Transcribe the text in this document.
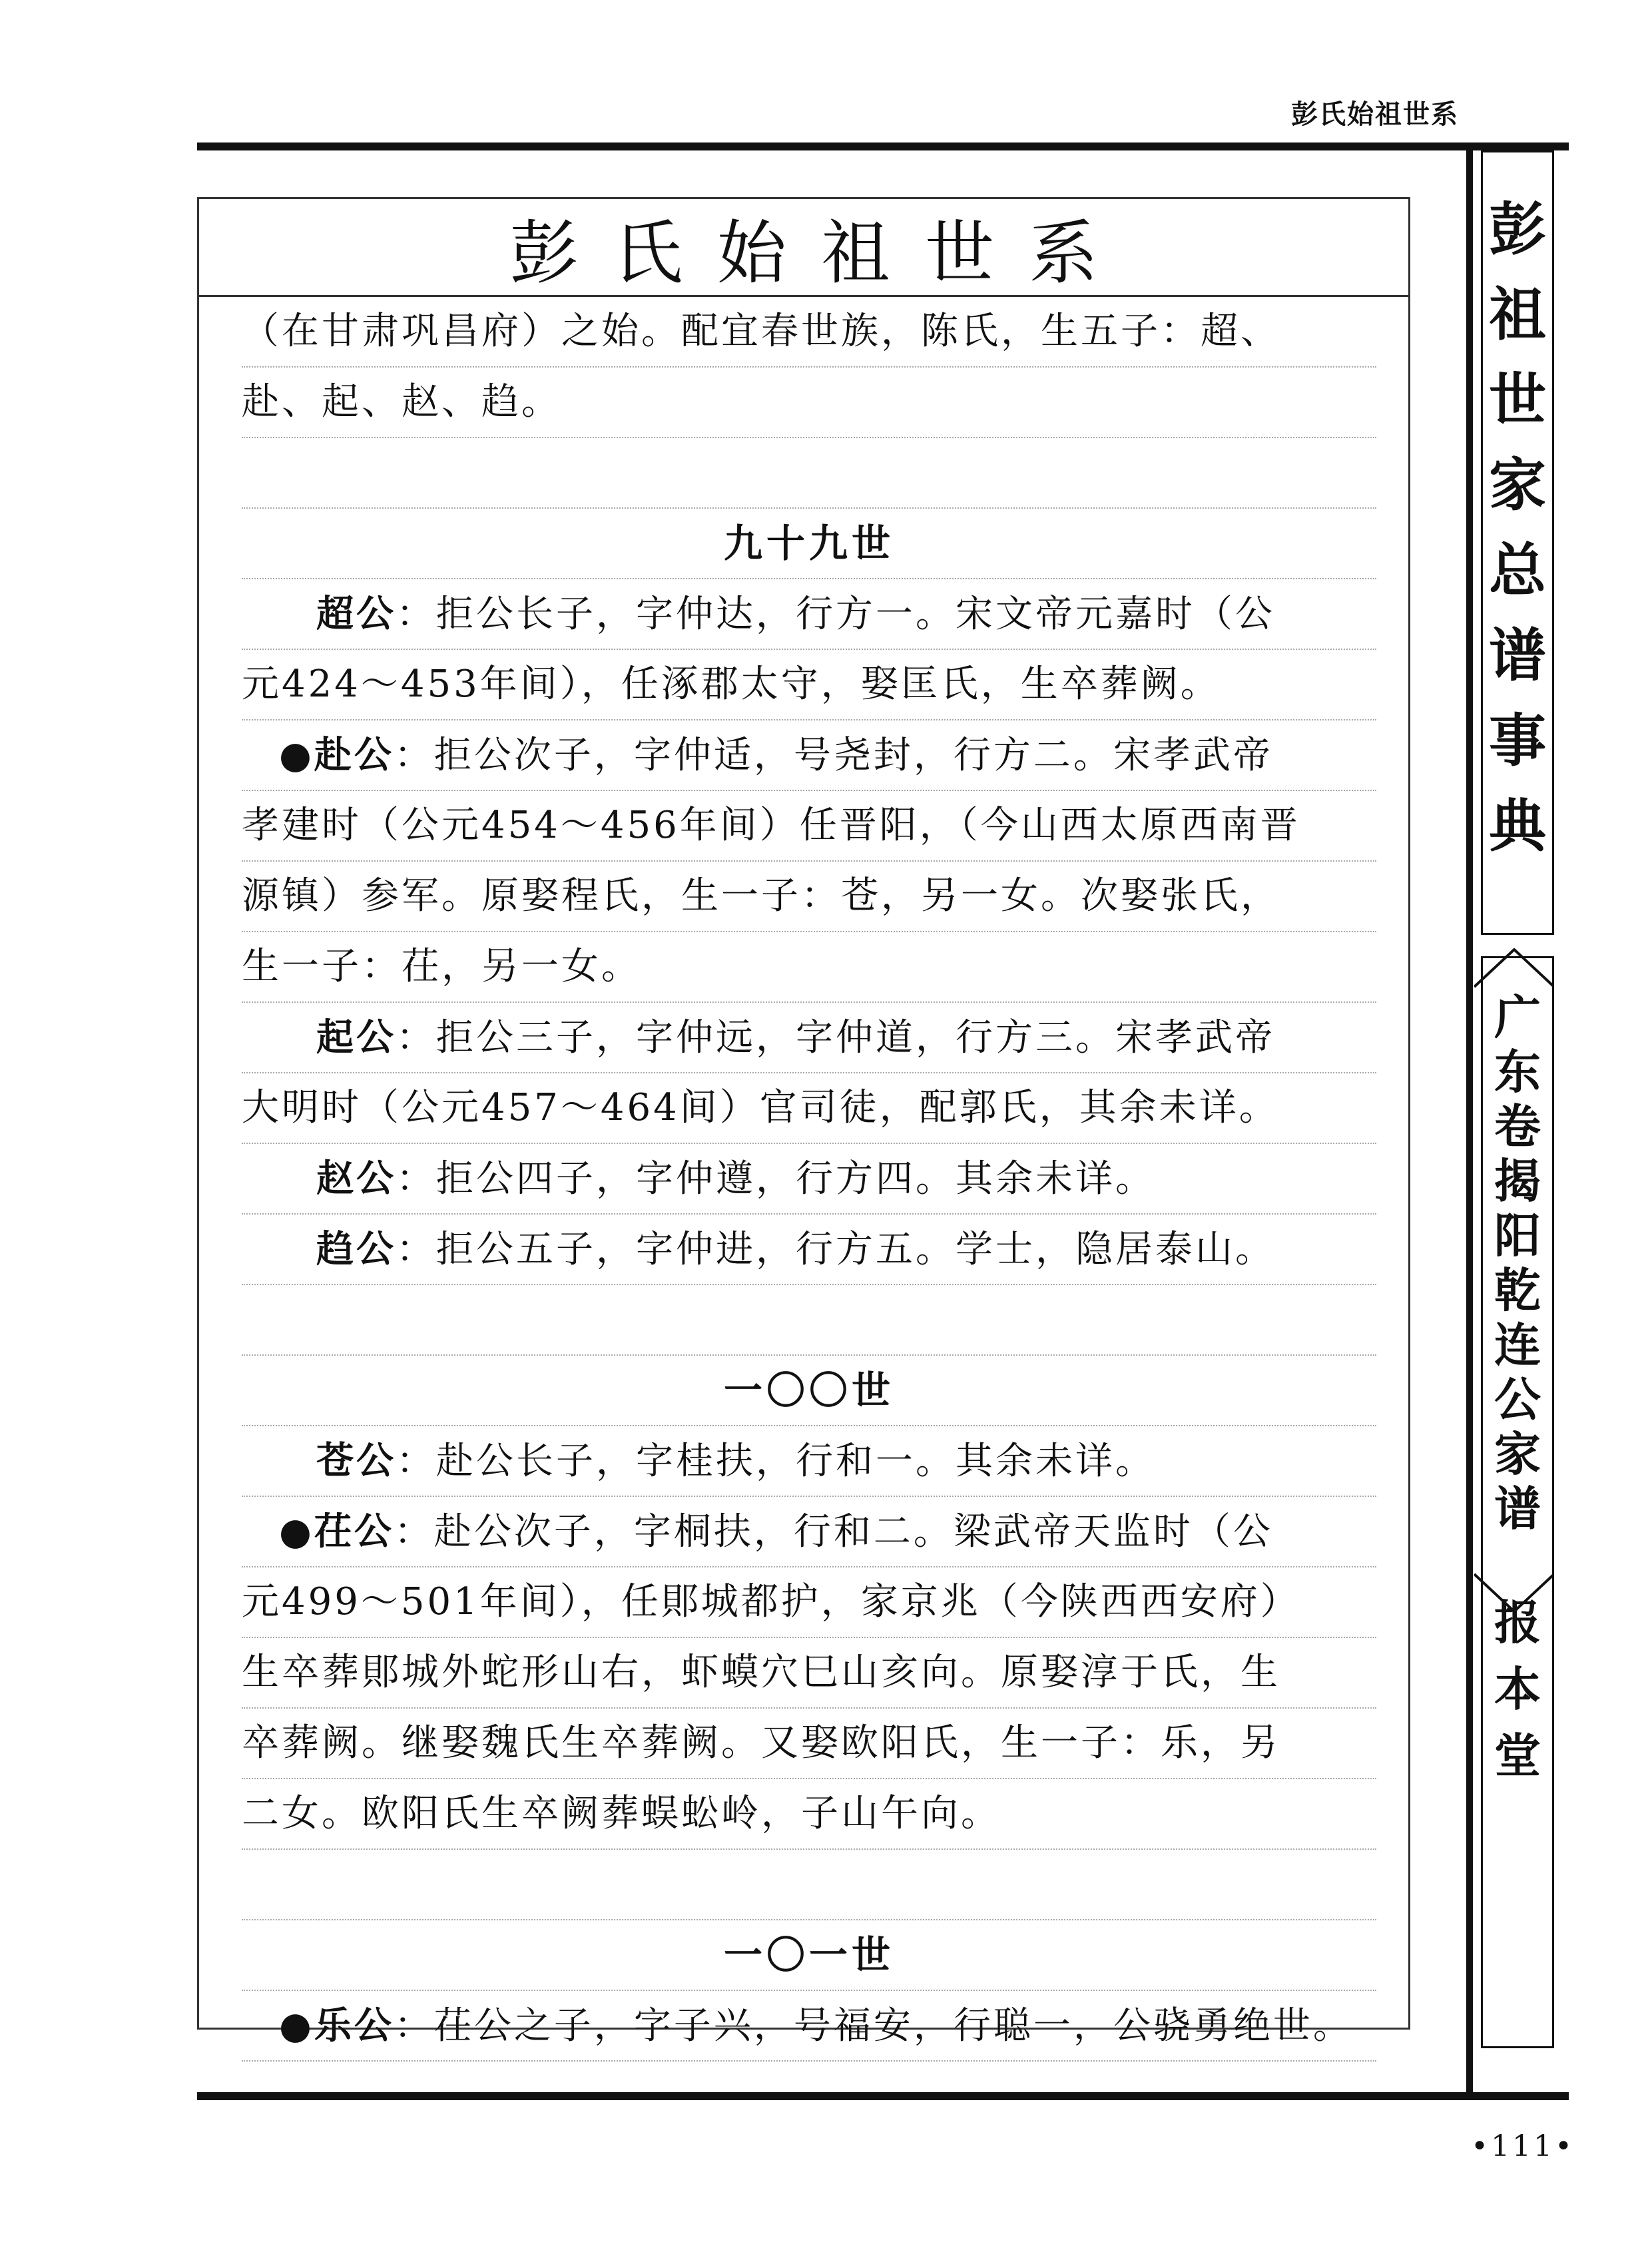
彭氏始祖世系
彭氏始祖世系
（在甘肃巩昌府）之始。配宜春世族，陈氏，生五子：超、
赴、起、赵、趋。
九十九世
超公：拒公长子，字仲达，行方一。宋文帝元嘉时（公
元424～453年间），任涿郡太守，娶匡氏，生卒葬阙。
●赴公：拒公次子，字仲适，号尧封，行方二。宋孝武帝
孝建时（公元454～456年间）任晋阳，（今山西太原西南晋
源镇）参军。原娶程氏，生一子：苍，另一女。次娶张氏，
生一子：茌，另一女。
起公：拒公三子，字仲远，字仲道，行方三。宋孝武帝
大明时（公元457～464间）官司徒，配郭氏，其余未详。
赵公：拒公四子，字仲遵，行方四。其余未详。
趋公：拒公五子，字仲进，行方五。学士，隐居泰山。
一〇〇世
苍公：赴公长子，字桂扶，行和一。其余未详。
●茌公：赴公次子，字桐扶，行和二。梁武帝天监时（公
元499～501年间），任郥城都护，家京兆（今陕西西安府）
生卒葬郥城外蛇形山右，虾蟆穴巳山亥向。原娶淳于氏，生
卒葬阙。继娶魏氏生卒葬阙。又娶欧阳氏，生一子：乐，另
二女。欧阳氏生卒阙葬蜈蚣岭，子山午向。
一〇一世
●乐公：茌公之子，字子兴，号福安，行聪一，公骁勇绝世。
彭
祖
世
家
总
谱
事
典
广
东
卷
揭
阳
乾
连
公
家
谱
报
本
堂
•111•
